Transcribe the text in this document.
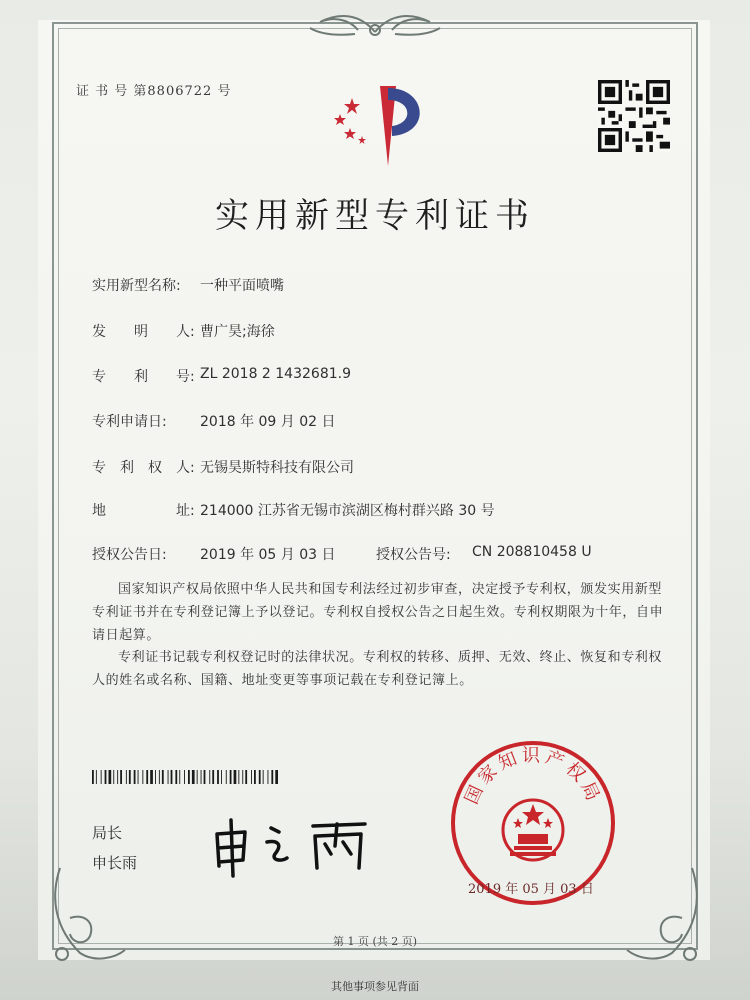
证 书 号 第8806722 号
实用新型专利证书
实用新型名称: 一种平面喷嘴
发　　明　　人: 曹广昊;海徐
专　　利　　号: ZL 2018 2 1432681.9
专利申请日: 2018 年 09 月 02 日
专　利　权　人: 无锡昊斯特科技有限公司
地　　　　　址: 214000 江苏省无锡市滨湖区梅村群兴路 30 号
授权公告日: 2019 年 05 月 03 日	授权公告号: CN 208810458 U
国家知识产权局依照中华人民共和国专利法经过初步审查，决定授予专利权，颁发实用新型专利证书并在专利登记簿上予以登记。专利权自授权公告之日起生效。专利权期限为十年，自申请日起算。
专利证书记载专利权登记时的法律状况。专利权的转移、质押、无效、终止、恢复和专利权人的姓名或名称、国籍、地址变更等事项记载在专利登记簿上。
局长
申长雨
国家知识产权局
2019 年 05 月 03 日
第 1 页 (共 2 页)
其他事项参见背面
